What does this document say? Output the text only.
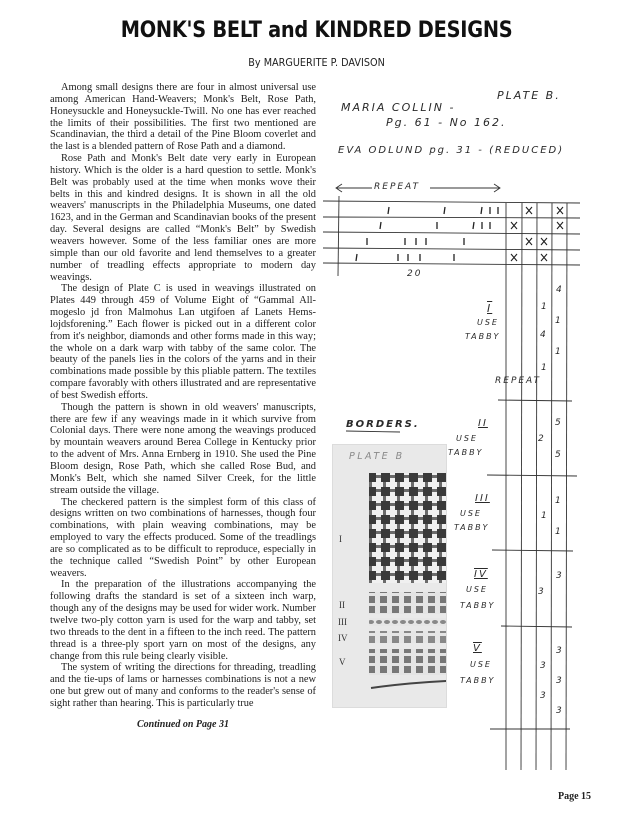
MONK'S BELT and KINDRED DESIGNS
By MARGUERITE P. DAVISON

Among small designs there are four in almost universal use among American Hand-Weavers; Monk's Belt, Rose Path, Honeysuckle and Honeysuckle-Twill. No one has ever reached the limits of their possibilities. The first two mentioned are Scandinavian, the third a detail of the Pine Bloom coverlet and the last is a blended pattern of Rose Path and a diamond.

Rose Path and Monk's Belt date very early in European history. Which is the older is a hard question to settle. Monk's Belt was probably used at the time when monks wove their belts in this and kindred designs. It is shown in all the old weavers' manuscripts in the Philadelphia Museums, one dated 1623, and in the German and Scandinavian books of the present day. Several designs are called “Monk's Belt” by Swedish weavers however. Some of the less familiar ones are more simple than our old favorite and lend themselves to a greater number of treadling effects appropriate to modern day weavings.

The design of Plate C is used in weavings illustrated on Plates 449 through 459 of Volume Eight of “Gammal Allmogeslo jd fron Malmohus Lan utgifoen af Lanets Hemslojdsforening.” Each flower is picked out in a different color from it's neighbor, diamonds and other forms made in this way; the whole on a dark warp with tabby of the same color. The beauty of the panels lies in the colors of the yarns and in their combinations made possible by this pliable pattern. The textiles compare favorably with others illustrated and are representative of best Swedish efforts.

Though the pattern is shown in old weavers' manuscripts, there are few if any weavings made in it which survive from Colonial days. There were none among the weavings produced by mountain weavers around Berea College in Kentucky prior to the advent of Mrs. Anna Ernberg in 1910. She used the Pine Bloom design, Rose Path, which she called Rose Bud, and Monk's Belt, which she named Silver Creek, for the little stream outside the village.

The checkered pattern is the simplest form of this class of designs written on two combinations of harnesses, though four combinations, with plain weaving combinations, may be employed to vary the effects produced. Some of the treadlings are so complicated as to be difficult to reproduce, especially in the technique called “Swedish Point” by other European weavers.

In the preparation of the illustrations accompanying the following drafts the standard is set of a sixteen inch warp, though any of the designs may be used for wider work. Number twelve two-ply cotton yarn is used for the warp and tabby, set two threads to the dent in a fifteen to the inch reed. The pattern thread is a three-ply sport yarn on most of the designs, any change from this rule being clearly visible.

The system of writing the directions for threading, treadling and the tie-ups of lams or harnesses combinations is not a new one but grew out of many and conforms to the reader's sense of sight rather than hearing. This is particularly true

Continued on Page 31
Page 15
PLATE B.
MARIA COLLIN -
Pg. 61 - No 162.
EVA ODLUND pg. 31 - (REDUCED)
REPEAT
20
4
I
USE
TABBY
1
1
4
1
1
REPEAT
BORDERS.	II
USE
TABBY
5
2
5
III
USE
TABBY
1
1
1
IV
USE
TABBY
3
3
V
USE
TABBY
3
3
3
3
3
PLATE B
I
II
III
IV
V
